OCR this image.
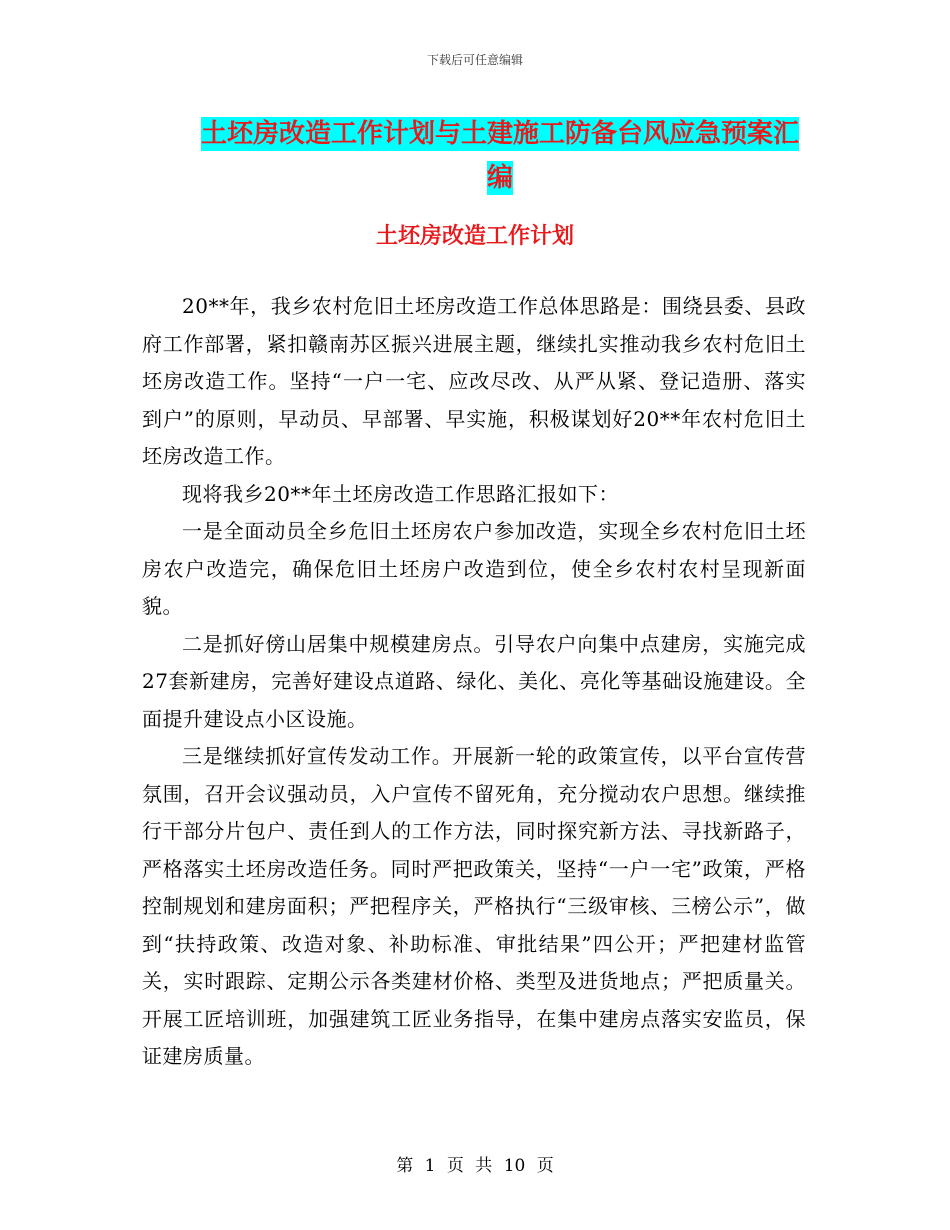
下载后可任意编辑
土坯房改造工作计划与土建施工防备台风应急预案汇编
土坯房改造工作计划

20**年，我乡农村危旧土坯房改造工作总体思路是：围绕县委、县政府工作部署，紧扣赣南苏区振兴进展主题，继续扎实推动我乡农村危旧土坯房改造工作。坚持“一户一宅、应改尽改、从严从紧、登记造册、落实到户”的原则，早动员、早部署、早实施，积极谋划好20**年农村危旧土坯房改造工作。

现将我乡20**年土坯房改造工作思路汇报如下：

一是全面动员全乡危旧土坯房农户参加改造，实现全乡农村危旧土坯房农户改造完，确保危旧土坯房户改造到位，使全乡农村农村呈现新面貌。

二是抓好傍山居集中规模建房点。引导农户向集中点建房，实施完成27套新建房，完善好建设点道路、绿化、美化、亮化等基础设施建设。全面提升建设点小区设施。

三是继续抓好宣传发动工作。开展新一轮的政策宣传，以平台宣传营氛围，召开会议强动员，入户宣传不留死角，充分搅动农户思想。继续推行干部分片包户、责任到人的工作方法，同时探究新方法、寻找新路子，严格落实土坯房改造任务。同时严把政策关，坚持“一户一宅”政策，严格控制规划和建房面积；严把程序关，严格执行“三级审核、三榜公示”，做到“扶持政策、改造对象、补助标准、审批结果”四公开；严把建材监管关，实时跟踪、定期公示各类建材价格、类型及进货地点；严把质量关。开展工匠培训班，加强建筑工匠业务指导，在集中建房点落实安监员，保证建房质量。

第 1 页 共 10 页
